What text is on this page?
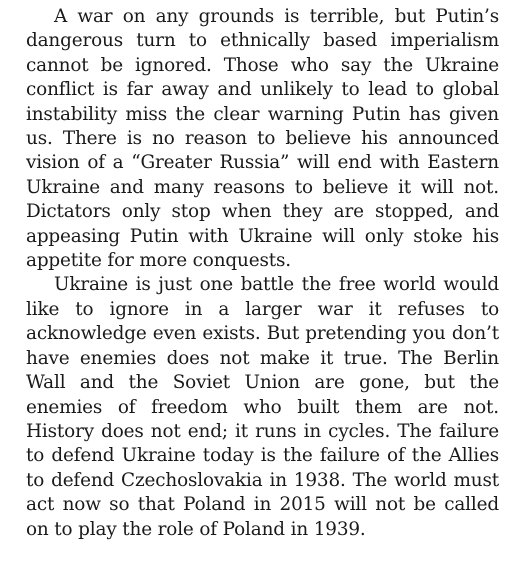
A war on any grounds is terrible, but Putin’s dangerous turn to ethnically based imperialism cannot be ignored. Those who say the Ukraine conflict is far away and unlikely to lead to global instability miss the clear warning Putin has given us. There is no reason to believe his announced vision of a “Greater Russia” will end with Eastern Ukraine and many reasons to believe it will not. Dictators only stop when they are stopped, and appeasing Putin with Ukraine will only stoke his appetite for more conquests.

Ukraine is just one battle the free world would like to ignore in a larger war it refuses to acknowledge even exists. But pretending you don’t have enemies does not make it true. The Berlin Wall and the Soviet Union are gone, but the enemies of freedom who built them are not. History does not end; it runs in cycles. The failure to defend Ukraine today is the failure of the Allies to defend Czechoslovakia in 1938. The world must act now so that Poland in 2015 will not be called on to play the role of Poland in 1939.
